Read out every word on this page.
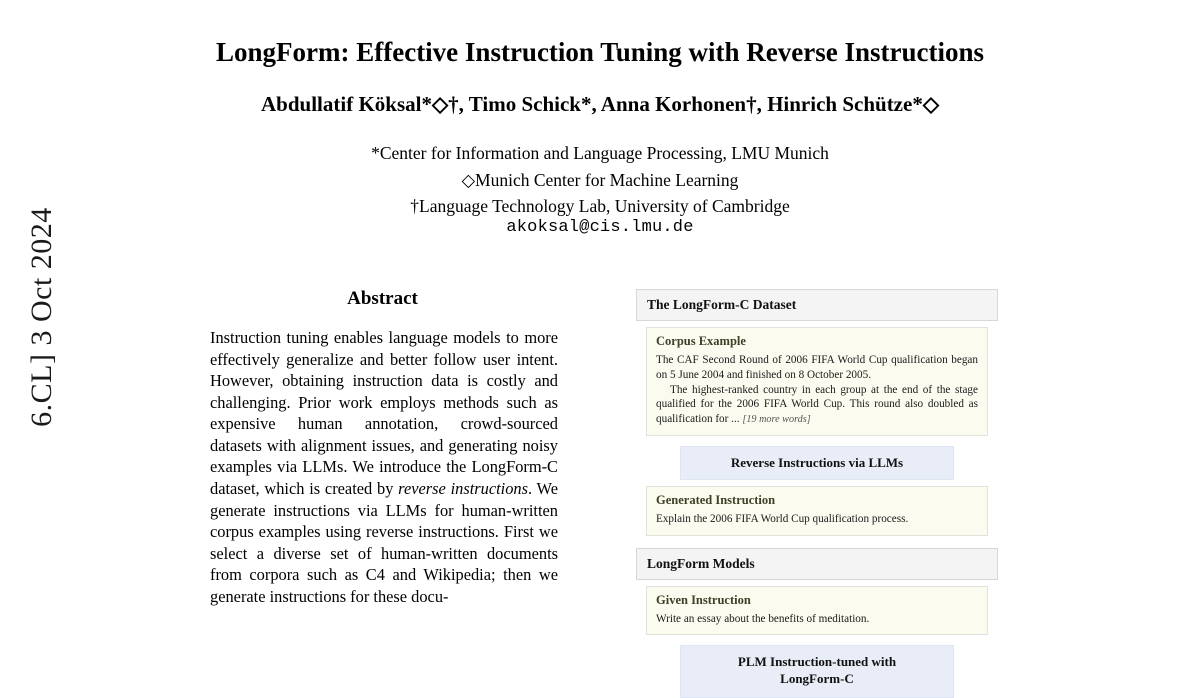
6.CL] 3 Oct 2024
LongForm: Effective Instruction Tuning with Reverse Instructions
Abdullatif Köksal*◇†, Timo Schick*, Anna Korhonen†, Hinrich Schütze*◇
*Center for Information and Language Processing, LMU Munich
◇Munich Center for Machine Learning
†Language Technology Lab, University of Cambridge
akoksal@cis.lmu.de
Abstract
Instruction tuning enables language models to more effectively generalize and better follow user intent. However, obtaining instruction data is costly and challenging. Prior work employs methods such as expensive human annotation, crowd-sourced datasets with alignment issues, and generating noisy examples via LLMs. We introduce the LongForm-C dataset, which is created by reverse instructions. We generate instructions via LLMs for human-written corpus examples using reverse instructions. First we select a diverse set of human-written documents from corpora such as C4 and Wikipedia; then we generate instructions for these docu-
The LongForm-C Dataset
Corpus Example
The CAF Second Round of 2006 FIFA World Cup qualification began on 5 June 2004 and finished on 8 October 2005.
The highest-ranked country in each group at the end of the stage qualified for the 2006 FIFA World Cup. This round also doubled as qualification for ... [19 more words]
Reverse Instructions via LLMs
Generated Instruction
Explain the 2006 FIFA World Cup qualification process.
LongForm Models
Given Instruction
Write an essay about the benefits of meditation.
PLM Instruction-tuned with
LongForm-C
